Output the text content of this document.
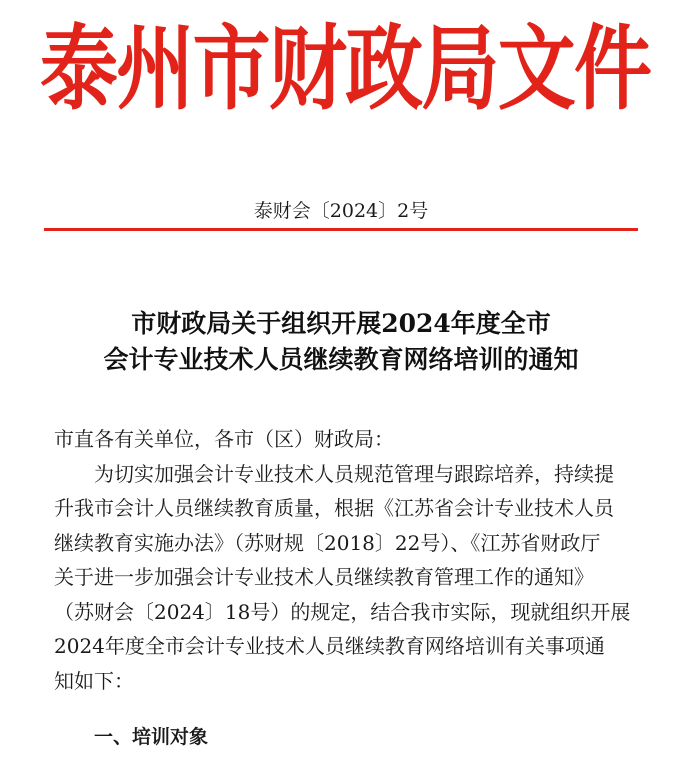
泰
州
市
财
政
局
文
件
泰财会〔2024〕2号
市财政局关于组织开展2024年度全市
会计专业技术人员继续教育网络培训的通知
市直各有关单位，各市（区）财政局：
为切实加强会计专业技术人员规范管理与跟踪培养，持续提
升我市会计人员继续教育质量，根据《江苏省会计专业技术人员
继续教育实施办法》（苏财规〔2018〕22号）、《江苏省财政厅
关于进一步加强会计专业技术人员继续教育管理工作的通知》
（苏财会〔2024〕18号）的规定，结合我市实际，现就组织开展
2024年度全市会计专业技术人员继续教育网络培训有关事项通
知如下：
一、培训对象
